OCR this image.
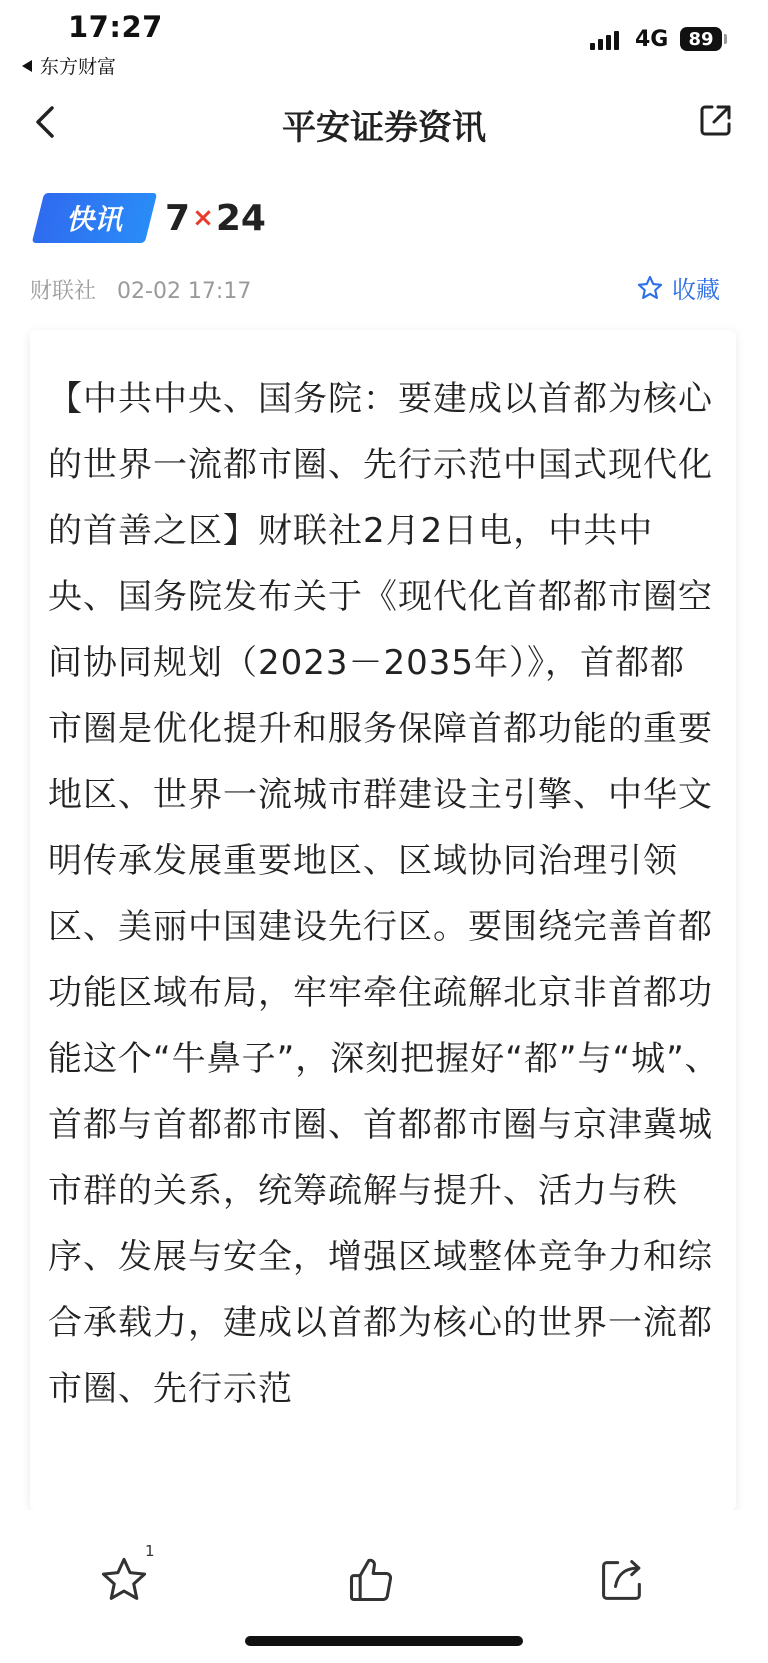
17:27
东方财富
4G	89
平安证券资讯
快讯 7 × 24
财联社 02-02 17:17	收藏

【中共中央、国务院：要建成以首都为核心的世界一流都市圈、先行示范中国式现代化的首善之区】财联社2月2日电，中共中央、国务院发布关于《现代化首都都市圈空间协同规划（2023－2035年）》，首都都市圈是优化提升和服务保障首都功能的重要地区、世界一流城市群建设主引擎、中华文明传承发展重要地区、区域协同治理引领区、美丽中国建设先行区。要围绕完善首都功能区域布局，牢牢牵住疏解北京非首都功能这个“牛鼻子”，深刻把握好“都”与“城”、首都与首都都市圈、首都都市圈与京津冀城市群的关系，统筹疏解与提升、活力与秩序、发展与安全，增强区域整体竞争力和综合承载力，建成以首都为核心的世界一流都市圈、先行示范

1
